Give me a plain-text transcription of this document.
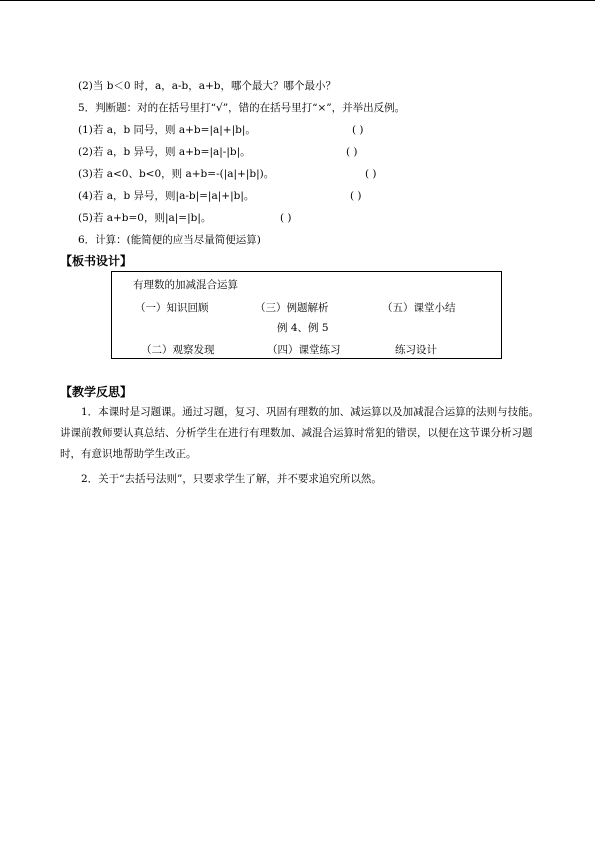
(2)当 b＜0 时，a，a-b，a+b，哪个最大？哪个最小？
5．判断题：对的在括号里打“√”，错的在括号里打“×”，并举出反例。
(1)若 a，b 同号，则 a+b=|a|+|b|。	( )
(2)若 a，b 异号，则 a+b=|a|-|b|。	( )
(3)若 a<0、b<0，则 a+b=-(|a|+|b|)。	( )
(4)若 a，b 异号，则|a-b|=|a|+|b|。	( )
(5)若 a+b=0，则|a|=|b|。	( )
6．计算：(能简便的应当尽量简便运算)
【板书设计】
有理数的加减混合运算
（一）知识回顾	（三）例题解析	（五）课堂小结
例 4、例 5
（二）观察发现	（四）课堂练习	练习设计
【教学反思】
1．本课时是习题课。通过习题，复习、巩固有理数的加、减运算以及加减混合运算的法则与技能。讲课前教师要认真总结、分析学生在进行有理数加、减混合运算时常犯的错误，以便在这节课分析习题时，有意识地帮助学生改正。
2．关于“去括号法则”，只要求学生了解，并不要求追究所以然。
